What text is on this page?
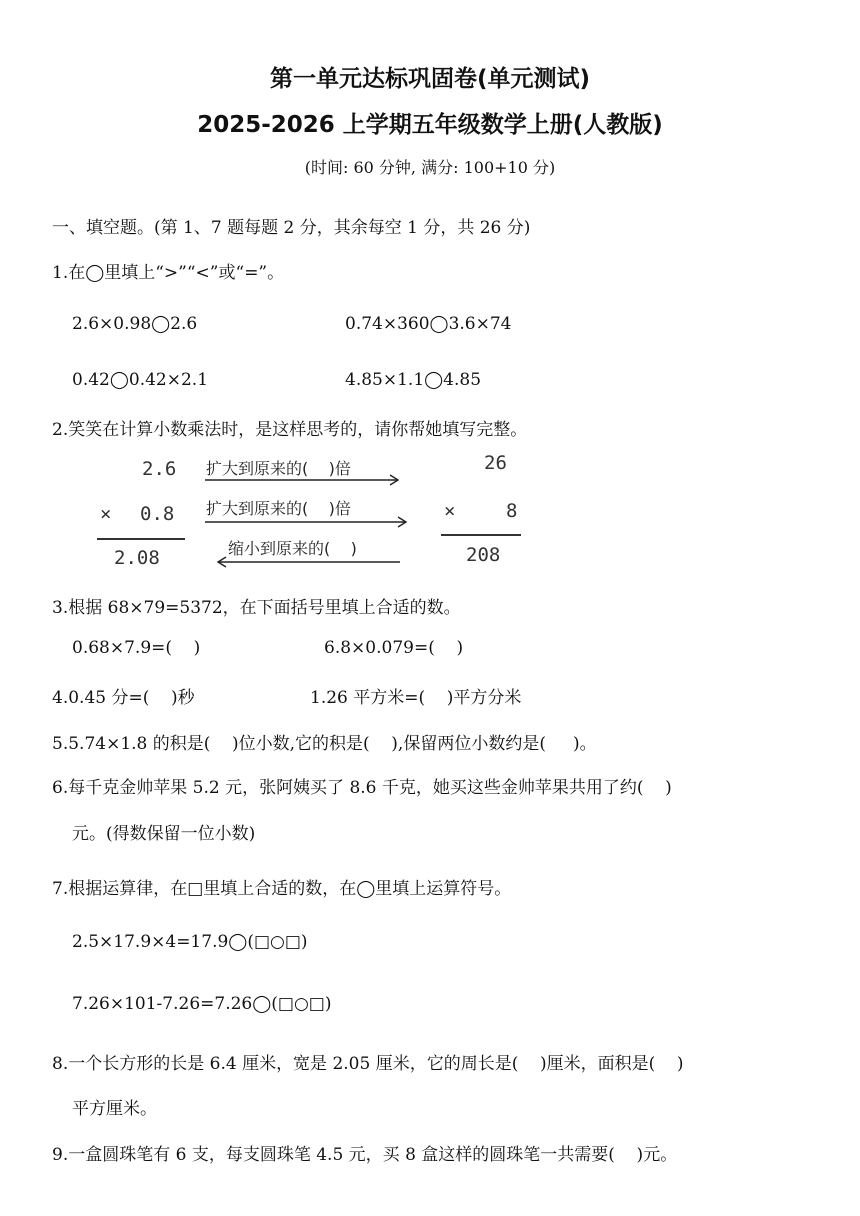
第一单元达标巩固卷(单元测试)
2025-2026 上学期五年级数学上册(人教版)
(时间: 60 分钟, 满分: 100+10 分)
一、填空题。(第 1、7 题每题 2 分，其余每空 1 分，共 26 分)
1.在◯里填上“>”“<”或“=”。
2.6×0.98◯2.6	0.74×360◯3.6×74
0.42◯0.42×2.1	4.85×1.1◯4.85
2.笑笑在计算小数乘法时，是这样思考的，请你帮她填写完整。
2.6
× 0.8
2.08
扩大到原来的(    )倍
扩大到原来的(    )倍
缩小到原来的(    )
26
×	8
208
3.根据 68×79=5372，在下面括号里填上合适的数。
0.68×7.9=(    )	6.8×0.079=(    )
4.0.45 分=(    )秒	1.26 平方米=(    )平方分米
5.5.74×1.8 的积是(    )位小数,它的积是(    ),保留两位小数约是(     )。
6.每千克金帅苹果 5.2 元，张阿姨买了 8.6 千克，她买这些金帅苹果共用了约(    )
元。(得数保留一位小数)
7.根据运算律，在□里填上合适的数，在◯里填上运算符号。
2.5×17.9×4=17.9◯(□○□)
7.26×101-7.26=7.26◯(□○□)
8.一个长方形的长是 6.4 厘米，宽是 2.05 厘米，它的周长是(    )厘米，面积是(    )
平方厘米。
9.一盒圆珠笔有 6 支，每支圆珠笔 4.5 元，买 8 盒这样的圆珠笔一共需要(    )元。
